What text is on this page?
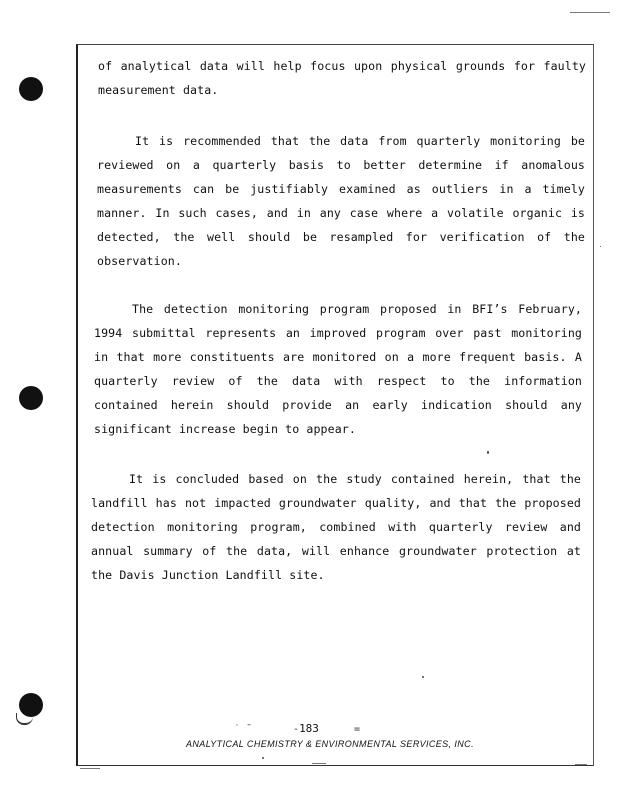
of analytical data will help focus upon physical grounds for faulty measurement data.
It is recommended that the data from quarterly monitoring be reviewed on a quarterly basis to better determine if anomalous measurements can be justifiably examined as outliers in a timely manner. In such cases, and in any case where a volatile organic is detected, the well should be resampled for verification of the observation.
The detection monitoring program proposed in BFI’s February, 1994 submittal represents an improved program over past monitoring in that more constituents are monitored on a more frequent basis. A quarterly review of the data with respect to the information contained herein should provide an early indication should any significant increase begin to appear.
It is concluded based on the study contained herein, that the landfill has not impacted groundwater quality, and that the proposed detection monitoring program, combined with quarterly review and annual summary of the data, will enhance groundwater protection at the Davis Junction Landfill site.
˙ ˉ	- 183	=
ANALYTICAL CHEMISTRY & ENVIRONMENTAL SERVICES, INC.
